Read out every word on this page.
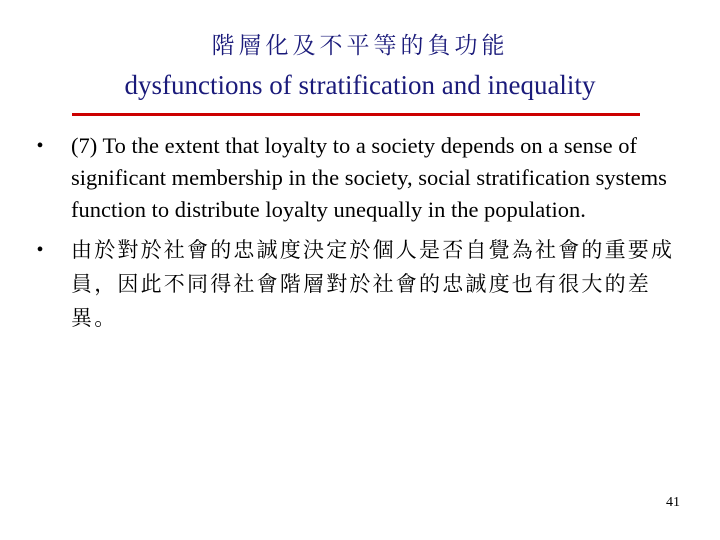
階層化及不平等的負功能
dysfunctions of stratification and inequality
• (7) To the extent that loyalty to a society depends on a sense of significant membership in the society, social stratification systems function to distribute loyalty unequally in the population.
•	由於對於社會的忠誠度決定於個人是否自覺為社會的重要成員，因此不同得社會階層對於社會的忠誠度也有很大的差異。
41
